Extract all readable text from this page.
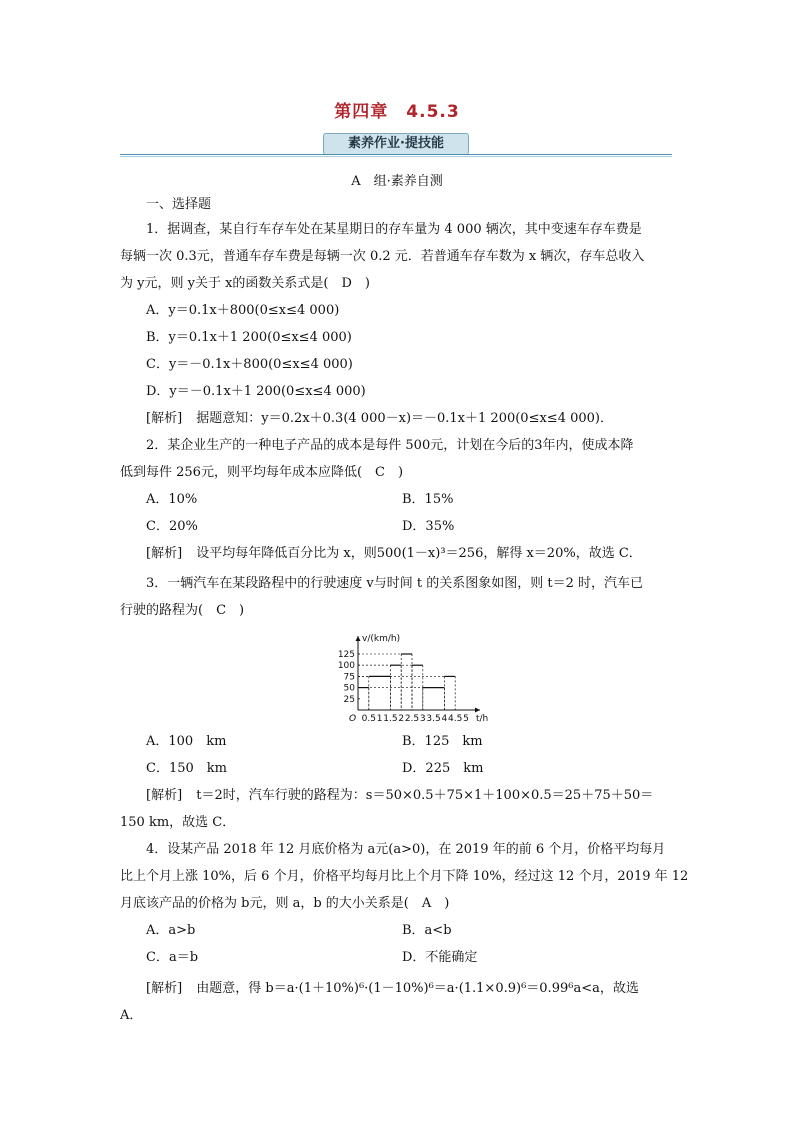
第四章　4.5.3
素养作业·提技能
A　组·素养自测
一、选择题
1．据调查，某自行车存车处在某星期日的存车量为 4 000 辆次，其中变速车存车费是
每辆一次 0.3元，普通车存车费是每辆一次 0.2 元．若普通车存车数为 x 辆次，存车总收入
为 y元，则 y关于 x的函数关系式是(　D　)
A．y＝0.1x＋800(0≤x≤4 000)
B．y＝0.1x＋1 200(0≤x≤4 000)
C．y＝－0.1x＋800(0≤x≤4 000)
D．y＝－0.1x＋1 200(0≤x≤4 000)
[解析] 据题意知：y＝0.2x＋0.3(4 000－x)＝－0.1x＋1 200(0≤x≤4 000)．
2．某企业生产的一种电子产品的成本是每件 500元，计划在今后的3年内，使成本降
低到每件 256元，则平均每年成本应降低(　C　)
A．10%	B．15%
C．20%	D．35%
[解析] 设平均每年降低百分比为 x，则500(1－x)³＝256，解得 x＝20%，故选 C．
3．一辆汽车在某段路程中的行驶速度 v与时间 t 的关系图象如图，则 t＝2 时，汽车已
行驶的路程为(　C　)
v/(km/h)
t/h
O
25
50
75
100
125
0.5 1 1.5 2 2.5 3 3.5 4 4.5 5
A．100　km	B．125　km
C．150　km	D．225　km
[解析] t＝2时，汽车行驶的路程为：s＝50×0.5＋75×1＋100×0.5＝25＋75＋50＝
150 km，故选 C．
4．设某产品 2018 年 12 月底价格为 a元(a>0)，在 2019 年的前 6 个月，价格平均每月
比上个月上涨 10%，后 6 个月，价格平均每月比上个月下降 10%，经过这 12 个月，2019 年 12
月底该产品的价格为 b元，则 a，b 的大小关系是(　A　)
A．a>b	B．a<b
C．a＝b	D．不能确定
[解析] 由题意，得 b＝a·(1＋10%)⁶·(1－10%)⁶＝a·(1.1×0.9)⁶＝0.99⁶a<a，故选
A．
